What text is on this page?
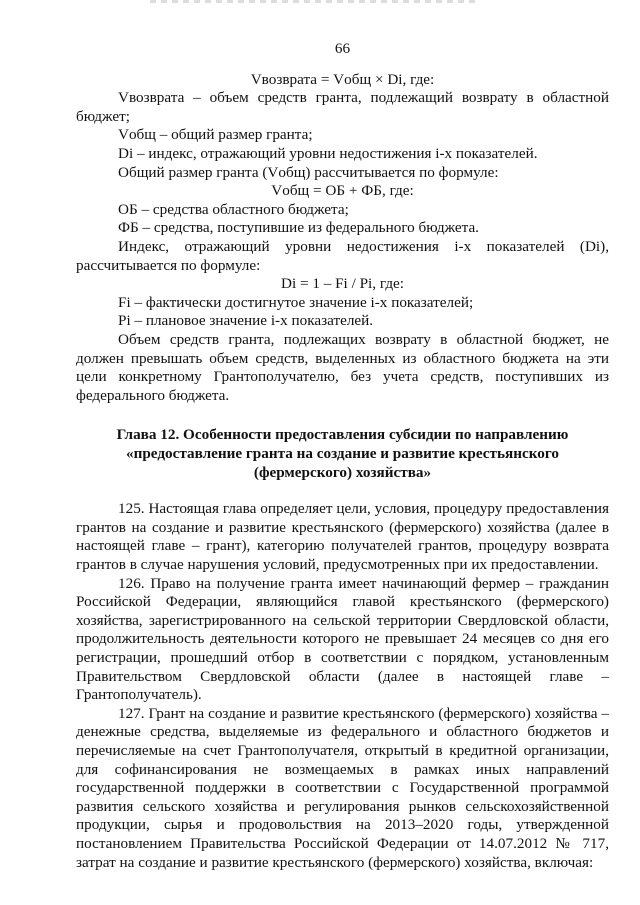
66

Vвозврата = Vобщ × Di, где:

Vвозврата – объем средств гранта, подлежащий возврату в областной бюджет;

Vобщ – общий размер гранта;

Di – индекс, отражающий уровни недостижения i-х показателей.

Общий размер гранта (Vобщ) рассчитывается по формуле:

Vобщ = ОБ + ФБ, где:

ОБ – средства областного бюджета;

ФБ – средства, поступившие из федерального бюджета.

Индекс, отражающий уровни недостижения i-х показателей (Di), рассчитывается по формуле:

Di = 1 – Fi / Pi, где:

Fi – фактически достигнутое значение i-х показателей;

Pi – плановое значение i-х показателей.

Объем средств гранта, подлежащих возврату в областной бюджет, не должен превышать объем средств, выделенных из областного бюджета на эти цели конкретному Грантополучателю, без учета средств, поступивших из федерального бюджета.

Глава 12. Особенности предоставления субсидии по направлению «предоставление гранта на создание и развитие крестьянского (фермерского) хозяйства»

125. Настоящая глава определяет цели, условия, процедуру предоставления грантов на создание и развитие крестьянского (фермерского) хозяйства (далее в настоящей главе – грант), категорию получателей грантов, процедуру возврата грантов в случае нарушения условий, предусмотренных при их предоставлении.

126. Право на получение гранта имеет начинающий фермер – гражданин Российской Федерации, являющийся главой крестьянского (фермерского) хозяйства, зарегистрированного на сельской территории Свердловской области, продолжительность деятельности которого не превышает 24 месяцев со дня его регистрации, прошедший отбор в соответствии с порядком, установленным Правительством Свердловской области (далее в настоящей главе – Грантополучатель).

127. Грант на создание и развитие крестьянского (фермерского) хозяйства – денежные средства, выделяемые из федерального и областного бюджетов и перечисляемые на счет Грантополучателя, открытый в кредитной организации, для софинансирования не возмещаемых в рамках иных направлений государственной поддержки в соответствии с Государственной программой развития сельского хозяйства и регулирования рынков сельскохозяйственной продукции, сырья и продовольствия на 2013–2020 годы, утвержденной постановлением Правительства Российской Федерации от 14.07.2012 № 717, затрат на создание и развитие крестьянского (фермерского) хозяйства, включая:
